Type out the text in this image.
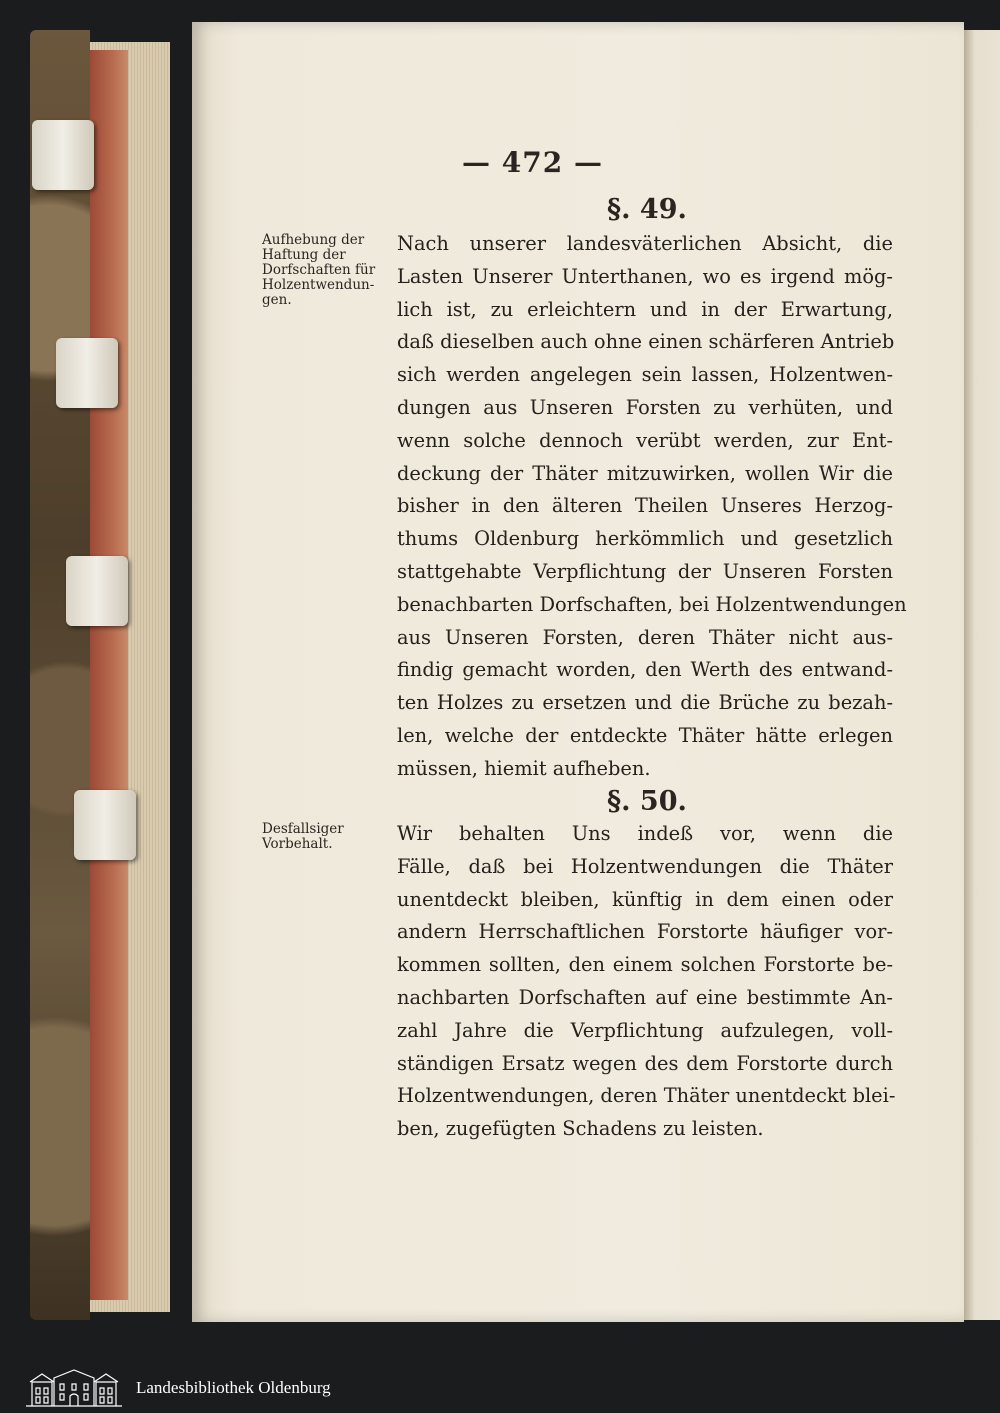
— 472 —
§. 49.
Aufhebung der
Haftung der
Dorfschaften für
Holzentwendun-
gen.
Nach unserer landesväterlichen Absicht, die
Lasten Unserer Unterthanen, wo es irgend mög-
lich ist, zu erleichtern und in der Erwartung,
daß dieselben auch ohne einen schärferen Antrieb
sich werden angelegen sein lassen, Holzentwen-
dungen aus Unseren Forsten zu verhüten, und
wenn solche dennoch verübt werden, zur Ent-
deckung der Thäter mitzuwirken, wollen Wir die
bisher in den älteren Theilen Unseres Herzog-
thums Oldenburg herkömmlich und gesetzlich
stattgehabte Verpflichtung der Unseren Forsten
benachbarten Dorfschaften, bei Holzentwendungen
aus Unseren Forsten, deren Thäter nicht aus-
findig gemacht worden, den Werth des entwand-
ten Holzes zu ersetzen und die Brüche zu bezah-
len, welche der entdeckte Thäter hätte erlegen
müssen, hiemit aufheben.
§. 50.
Desfallsiger
Vorbehalt.	Wir behalten Uns indeß vor, wenn die
Fälle, daß bei Holzentwendungen die Thäter
unentdeckt bleiben, künftig in dem einen oder
andern Herrschaftlichen Forstorte häufiger vor-
kommen sollten, den einem solchen Forstorte be-
nachbarten Dorfschaften auf eine bestimmte An-
zahl Jahre die Verpflichtung aufzulegen, voll-
ständigen Ersatz wegen des dem Forstorte durch
Holzentwendungen, deren Thäter unentdeckt blei-
ben, zugefügten Schadens zu leisten.
Landesbibliothek Oldenburg
